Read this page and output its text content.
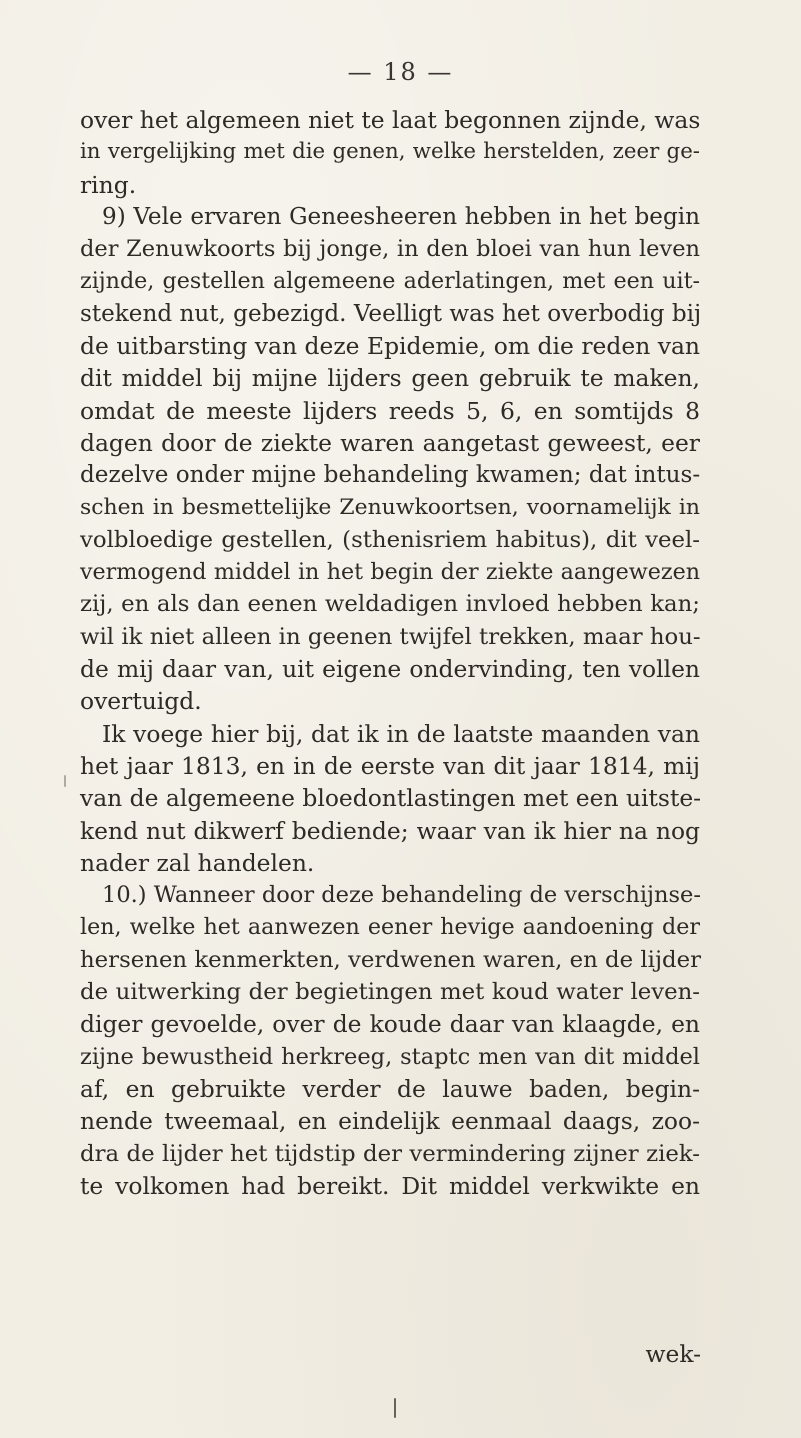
— 18 —
over het algemeen niet te laat begonnen zijnde, was
in vergelijking met die genen, welke herstelden, zeer ge-
ring.
9) Vele ervaren Geneesheeren hebben in het begin
der Zenuwkoorts bij jonge, in den bloei van hun leven
zijnde, gestellen algemeene aderlatingen, met een uit-
stekend nut, gebezigd. Veelligt was het overbodig bij
de uitbarsting van deze Epidemie, om die reden van
dit middel bij mijne lijders geen gebruik te maken,
omdat de meeste lijders reeds 5, 6, en somtijds 8
dagen door de ziekte waren aangetast geweest, eer
dezelve onder mijne behandeling kwamen; dat intus-
schen in besmettelijke Zenuwkoortsen, voornamelijk in
volbloedige gestellen, (sthenisriem habitus), dit veel-
vermogend middel in het begin der ziekte aangewezen
zij, en als dan eenen weldadigen invloed hebben kan;
wil ik niet alleen in geenen twijfel trekken, maar hou-
de mij daar van, uit eigene ondervinding, ten vollen
overtuigd.
Ik voege hier bij, dat ik in de laatste maanden van
het jaar 1813, en in de eerste van dit jaar 1814, mij
van de algemeene bloedontlastingen met een uitste-
kend nut dikwerf bediende; waar van ik hier na nog
nader zal handelen.
10.) Wanneer door deze behandeling de verschijnse-
len, welke het aanwezen eener hevige aandoening der
hersenen kenmerkten, verdwenen waren, en de lijder
de uitwerking der begietingen met koud water leven-
diger gevoelde, over de koude daar van klaagde, en
zijne bewustheid herkreeg, staptc men van dit middel
af, en gebruikte verder de lauwe baden, begin-
nende tweemaal, en eindelijk eenmaal daags, zoo-
dra de lijder het tijdstip der vermindering zijner ziek-
te volkomen had bereikt. Dit middel verkwikte en
wek-
